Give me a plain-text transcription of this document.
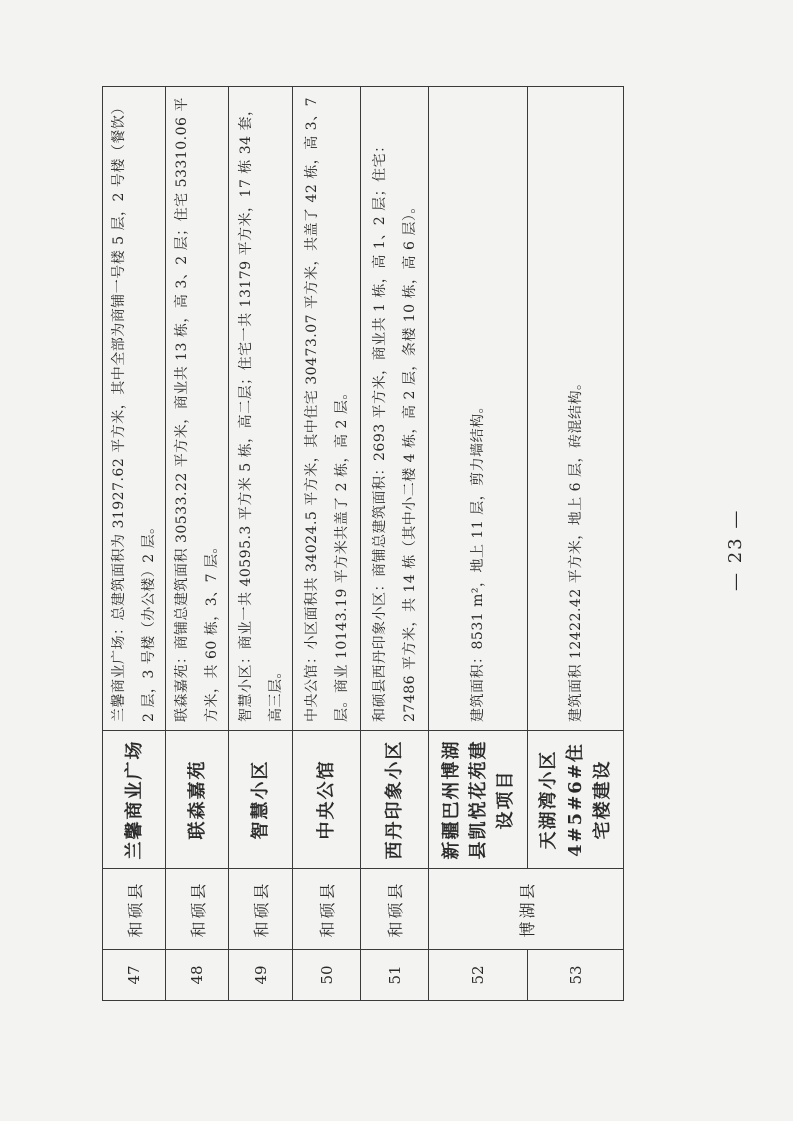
47	和硕县	兰馨商业广场	兰馨商业广场：总建筑面积为 31927.62 平方米，其中全部为商铺一号楼 5 层，2 号楼（餐饮）2 层，3 号楼（办公楼）2 层。
48	和硕县	联森嘉苑	联森嘉苑：商铺总建筑面积 30533.22 平方米，商业共 13 栋，高 3、2 层；住宅 53310.06 平方米，共 60 栋，3、7 层。
49	和硕县	智慧小区	智慧小区：商业一共 40595.3 平方米 5 栋，高二层；住宅一共 13179 平方米，17 栋 34 套，高三层。
50	和硕县	中央公馆	中央公馆：小区面积共 34024.5 平方米，其中住宅 30473.07 平方米，共盖了 42 栋，高 3、7 层。商业 10143.19 平方米共盖了 2 栋，高 2 层。
51	和硕县	西丹印象小区	和硕县西丹印象小区：商铺总建筑面积：2693 平方米，商业共 1 栋，高 1、2 层；住宅：27486 平方米，共 14 栋（其中小二楼 4 栋，高 2 层，条楼 10 栋，高 6 层）。
52	博湖县	新疆巴州博湖县凯悦花苑建设项目	建筑面积：8531 m²，地上 11 层，剪力墙结构。
53		天湖湾小区 4#5#6#住宅楼建设	建筑面积 12422.42 平方米，地上 6 层，砖混结构。	— 23 —
